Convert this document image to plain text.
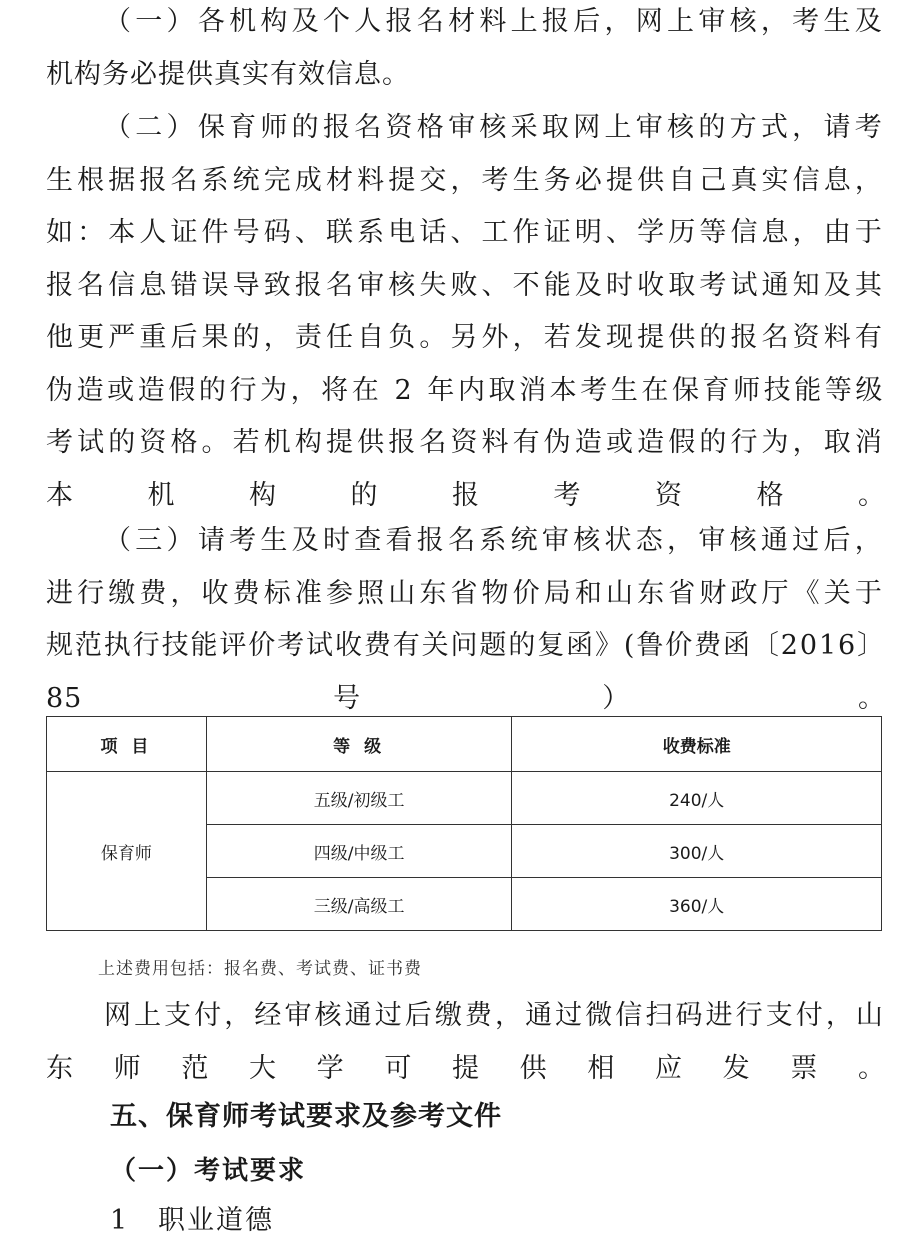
（一）各机构及个人报名材料上报后，网上审核，考生及
机构务必提供真实有效信息。

（二）保育师的报名资格审核采取网上审核的方式，请考
生根据报名系统完成材料提交，考生务必提供自己真实信息，
如：本人证件号码、联系电话、工作证明、学历等信息，由于
报名信息错误导致报名审核失败、不能及时收取考试通知及其
他更严重后果的，责任自负。另外，若发现提供的报名资料有
伪造或造假的行为，将在 2 年内取消本考生在保育师技能等级
考试的资格。若机构提供报名资料有伪造或造假的行为，取消
本机构的报考资格。

（三）请考生及时查看报名系统审核状态，审核通过后，
进行缴费，收费标准参照山东省物价局和山东省财政厅《关于
规范执行技能评价考试收费有关问题的复函》(鲁价费函〔2016〕
85 号）。

项 目	等 级	收费标准
保育师	五级/初级工	240/人
	四级/中级工	300/人
	三级/高级工	360/人
上述费用包括：报名费、考试费、证书费

网上支付，经审核通过后缴费，通过微信扫码进行支付，山
东师范大学可提供相应发票。

五、保育师考试要求及参考文件
（一）考试要求
1 职业道德
